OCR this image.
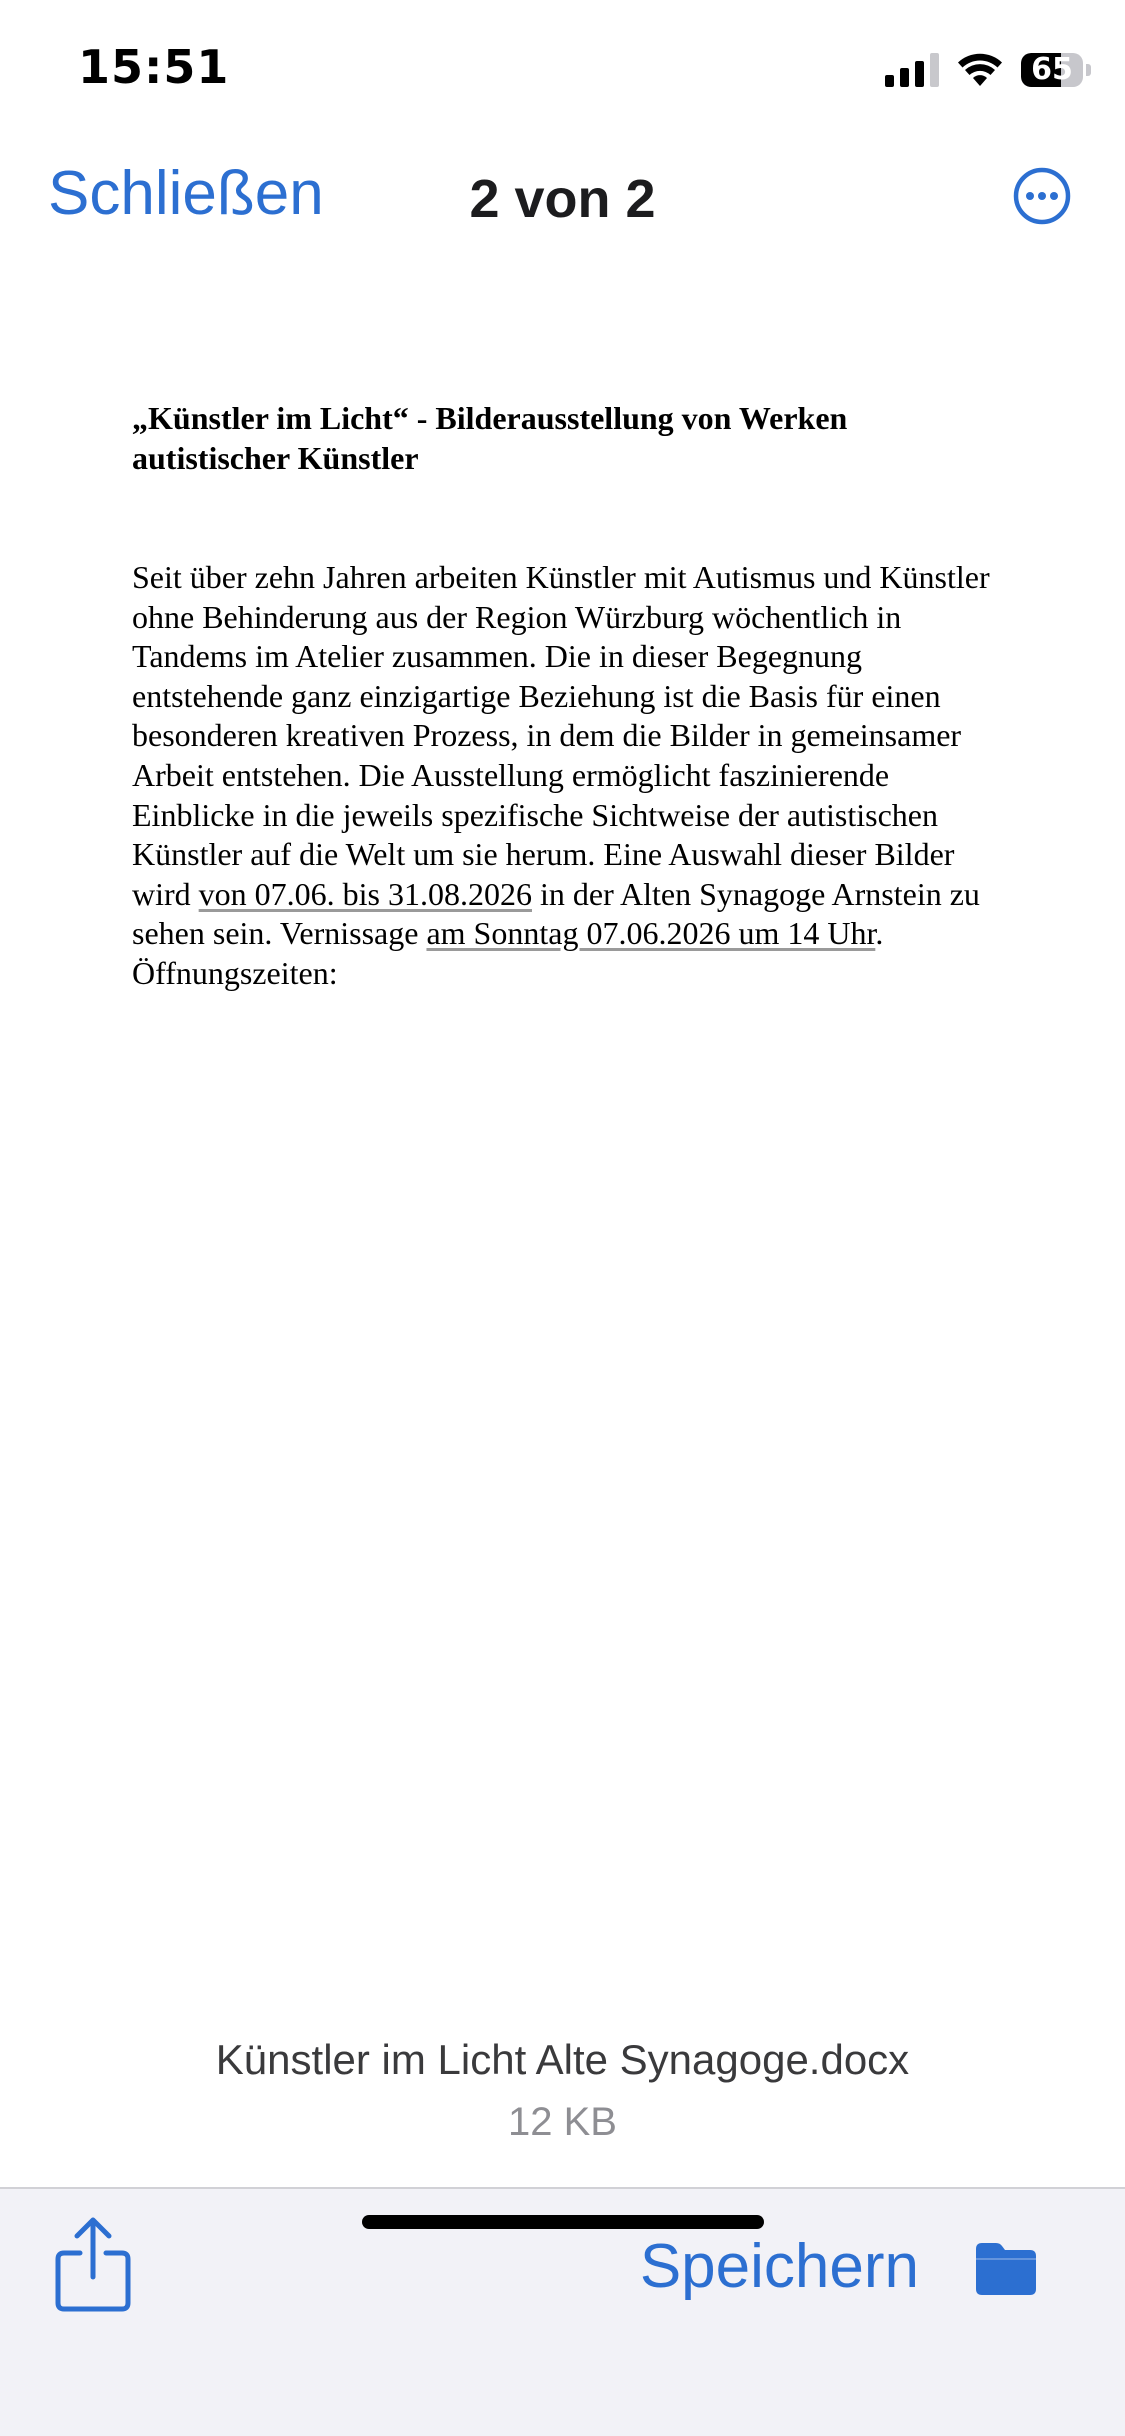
15:51	65
Schließen	2 von 2

„Künstler im Licht“ - Bilderausstellung von Werken autistischer Künstler

Seit über zehn Jahren arbeiten Künstler mit Autismus und Künstler ohne Behinderung aus der Region Würzburg wöchentlich in Tandems im Atelier zusammen. Die in dieser Begegnung entstehende ganz einzigartige Beziehung ist die Basis für einen besonderen kreativen Prozess, in dem die Bilder in gemeinsamer Arbeit entstehen. Die Ausstellung ermöglicht faszinierende Einblicke in die jeweils spezifische Sichtweise der autistischen Künstler auf die Welt um sie herum. Eine Auswahl dieser Bilder wird von 07.06. bis 31.08.2026 in der Alten Synagoge Arnstein zu sehen sein. Vernissage am Sonntag 07.06.2026 um 14 Uhr.
Öffnungszeiten:

Künstler im Licht Alte Synagoge.docx
12 KB
Speichern
